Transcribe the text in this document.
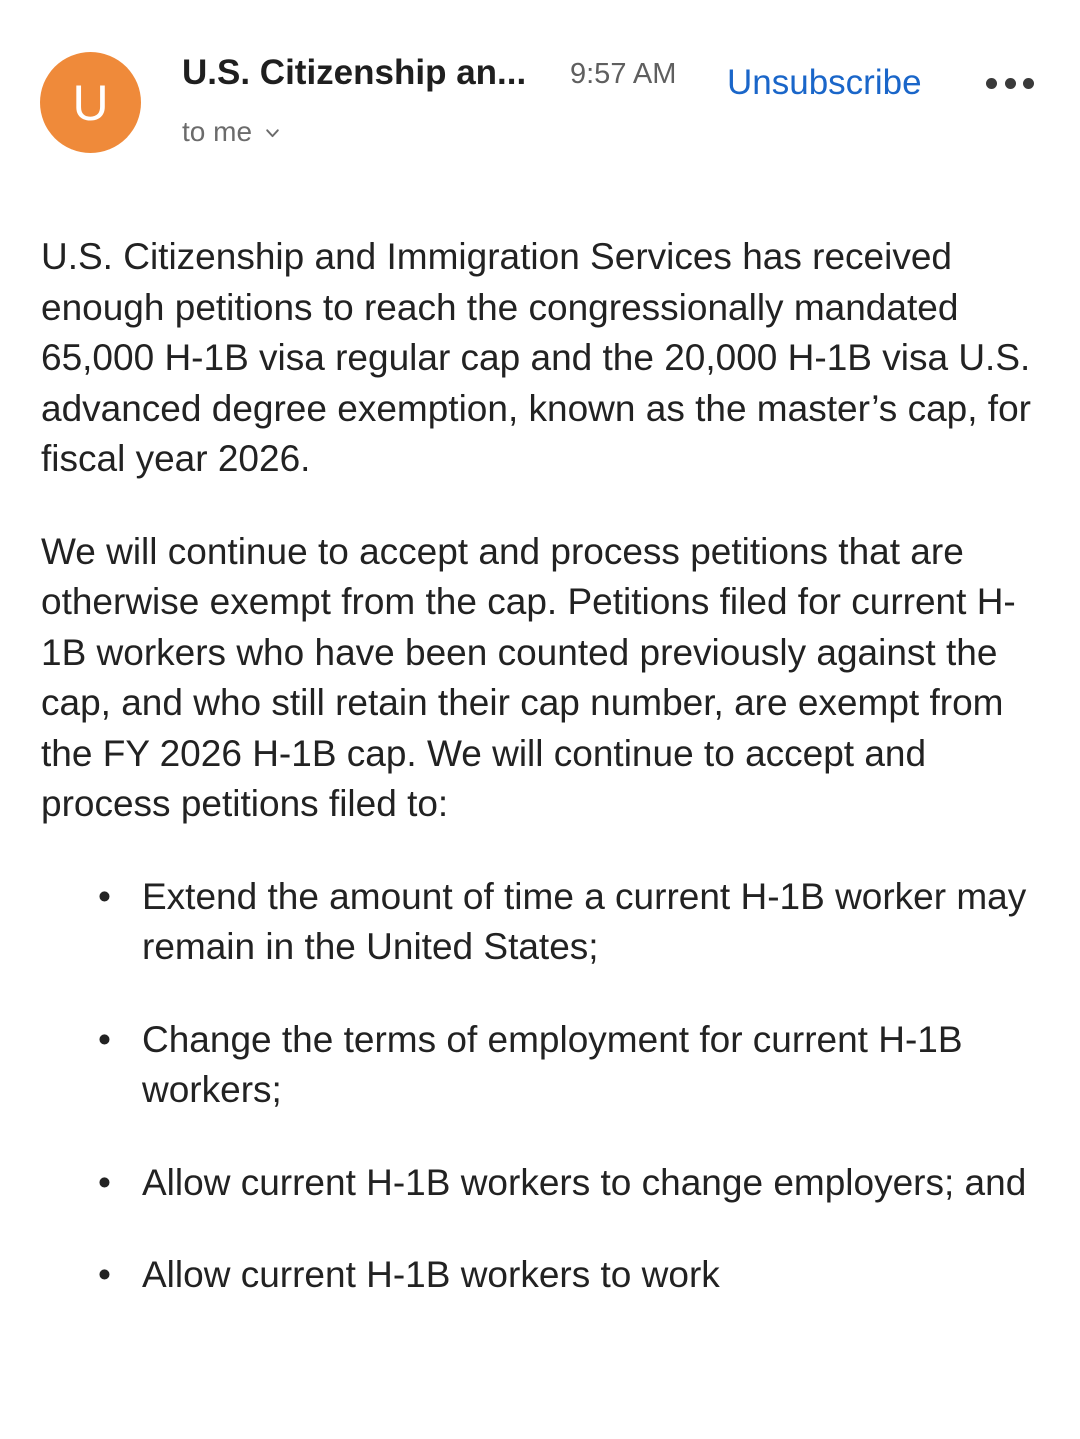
U
U.S. Citizenship an... 9:57 AM Unsubscribe
to me

U.S. Citizenship and Immigration Services has received enough petitions to reach the congressionally mandated 65,000 H-1B visa regular cap and the 20,000 H-1B visa U.S. advanced degree exemption, known as the master’s cap, for fiscal year 2026.

We will continue to accept and process petitions that are otherwise exempt from the cap. Petitions filed for current H-1B workers who have been counted previously against the cap, and who still retain their cap number, are exempt from the FY 2026 H-1B cap. We will continue to accept and process petitions filed to:

• Extend the amount of time a current H-1B worker may remain in the United States;
• Change the terms of employment for current H-1B workers;
• Allow current H-1B workers to change employers; and
• Allow current H-1B workers to work
